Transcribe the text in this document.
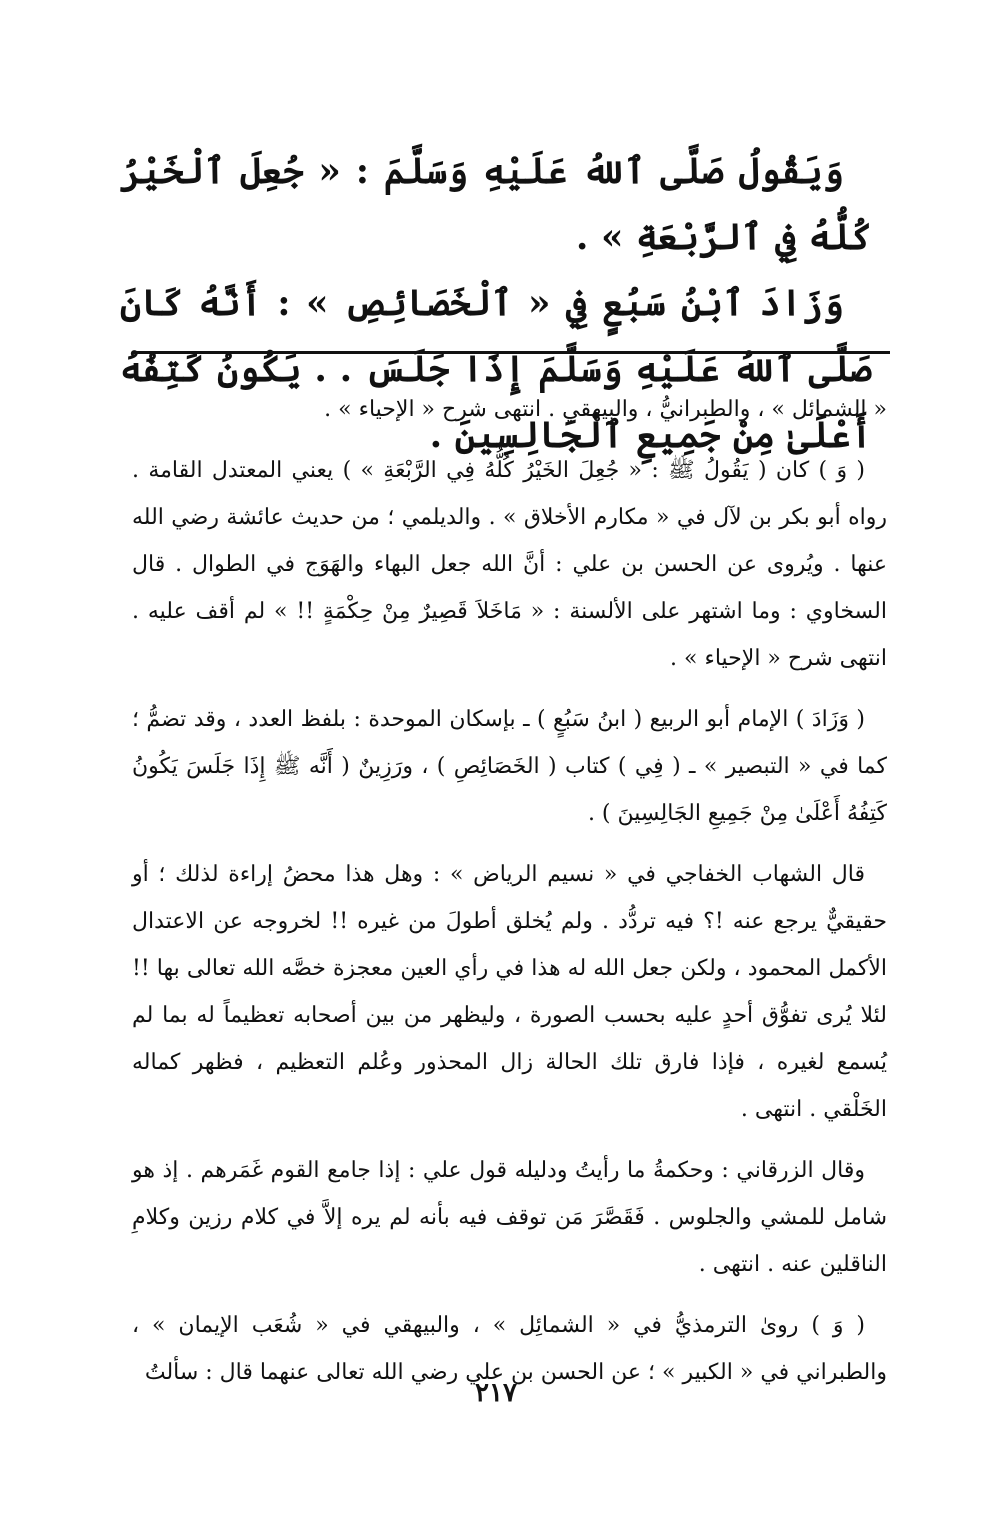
وَيَقُولُ صَلَّى ٱللهُ عَلَيْهِ وَسَلَّمَ : « جُعِلَ ٱلْخَيْرُ كُلُّهُ فِي ٱلرَّبْعَةِ » .

وَزَادَ ٱبْنُ سَبُعٍ فِي « ٱلْخَصَائِصِ » : أَنَّهُ كَانَ صَلَّى ٱللهُ عَلَيْهِ وَسَلَّمَ إِذَا جَلَسَ . . يَكُونُ كَتِفُهُ أَعْلَىٰ مِنْ جَمِيعِ ٱلْجَالِسِينَ .

« الشمائل » ، والطبرانيُّ ، والبيهقي . انتهى شرح « الإحياء » .

( وَ ) كان ( يَقُولُ ﷺ : « جُعِلَ الخَيْرُ كُلُّهُ فِي الرَّبْعَةِ » ) يعني المعتدل القامة . رواه أبو بكر بن لآل في « مكارم الأخلاق » . والديلمي ؛ من حديث عائشة رضي الله عنها . ويُروى عن الحسن بن علي : أنَّ الله جعل البهاء والهَوَج في الطوال . قال السخاوي : وما اشتهر على الألسنة : « مَاخَلاَ قَصِيرٌ مِنْ حِكْمَةٍ !! » لم أقف عليه . انتهى شرح « الإحياء » .

( وَزَادَ ) الإمام أبو الربيع ( ابنُ سَبُعٍ ) ـ بإسكان الموحدة : بلفظ العدد ، وقد تضمُّ ؛ كما في « التبصير » ـ ( فِي ) كتاب ( الخَصَائِصِ ) ، ورَزِينٌ ( أَنَّه ﷺ إِذَا جَلَسَ يَكُونُ كَتِفُهُ أَعْلَىٰ مِنْ جَمِيعِ الجَالِسِينَ ) .

قال الشهاب الخفاجي في « نسيم الرياض » : وهل هذا محضُ إراءة لذلك ؛ أو حقيقيٌّ يرجع عنه !؟ فيه تردُّد . ولم يُخلق أطولَ من غيره !! لخروجه عن الاعتدال الأكمل المحمود ، ولكن جعل الله له هذا في رأي العين معجزة خصَّه الله تعالى بها !! لئلا يُرى تفوُّق أحدٍ عليه بحسب الصورة ، وليظهر من بين أصحابه تعظيماً له بما لم يُسمع لغيره ، فإذا فارق تلك الحالة زال المحذور وعُلم التعظيم ، فظهر كماله الخَلْقي . انتهى .

وقال الزرقاني : وحكمةُ ما رأيتُ ودليله قول علي : إذا جامع القوم غَمَرهم . إذ هو شامل للمشي والجلوس . فَقَصَّرَ مَن توقف فيه بأنه لم يره إلاَّ في كلام رزين وكلامِ الناقلين عنه . انتهى .

( وَ ) روىٰ الترمذيُّ في « الشمائِل » ، والبيهقي في « شُعَب الإيمان » ، والطبراني في « الكبير » ؛ عن الحسن بن علي رضي الله تعالى عنهما قال : سألتُ

٢١٧
